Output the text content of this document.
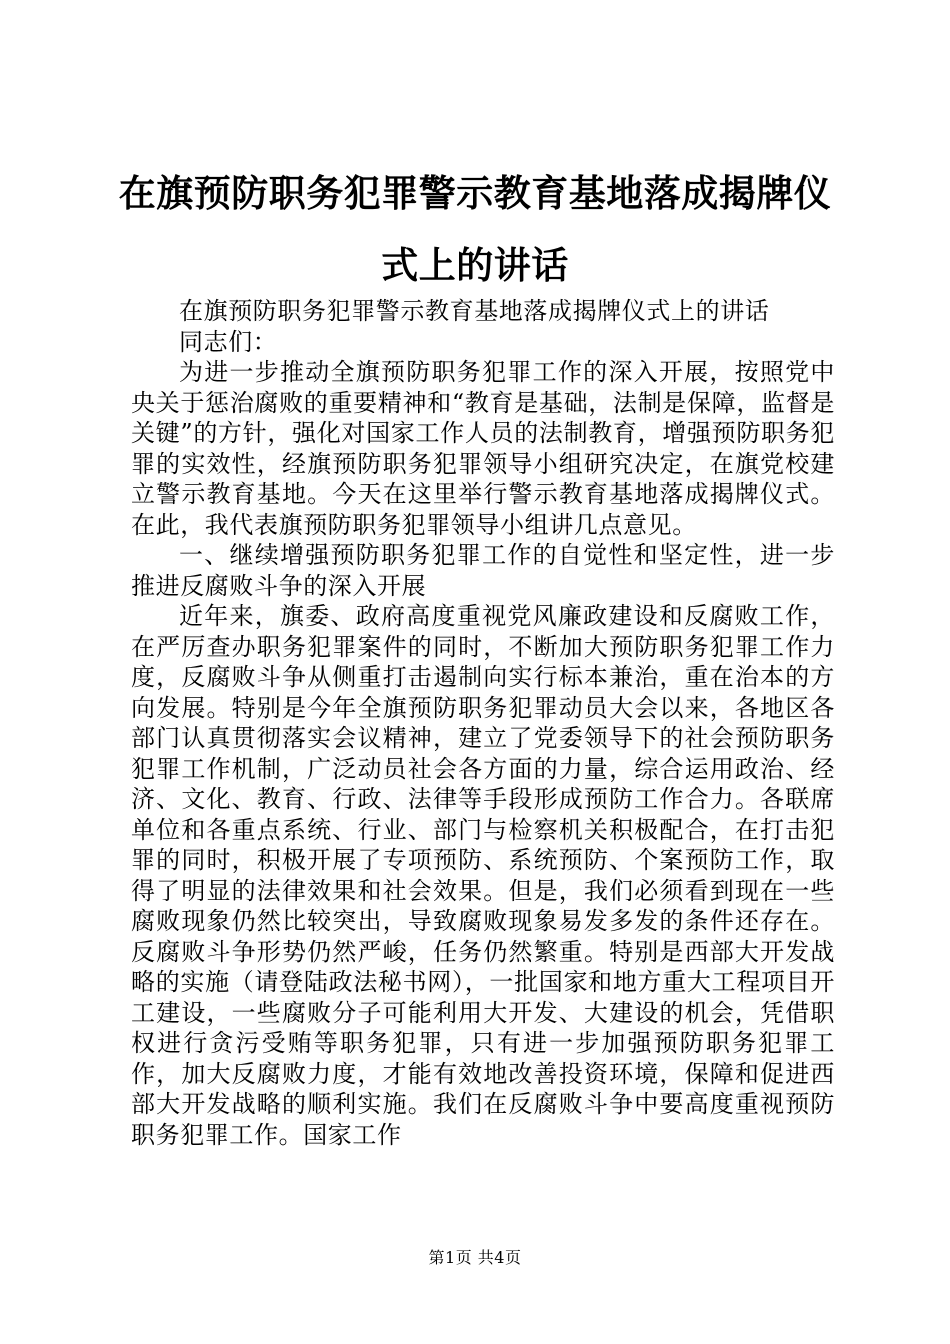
在旗预防职务犯罪警示教育基地落成揭牌仪式上的讲话

在旗预防职务犯罪警示教育基地落成揭牌仪式上的讲话

同志们：

为进一步推动全旗预防职务犯罪工作的深入开展，按照党中央关于惩治腐败的重要精神和“教育是基础，法制是保障，监督是关键”的方针，强化对国家工作人员的法制教育，增强预防职务犯罪的实效性，经旗预防职务犯罪领导小组研究决定，在旗党校建立警示教育基地。今天在这里举行警示教育基地落成揭牌仪式。在此，我代表旗预防职务犯罪领导小组讲几点意见。

一、继续增强预防职务犯罪工作的自觉性和坚定性，进一步推进反腐败斗争的深入开展

近年来，旗委、政府高度重视党风廉政建设和反腐败工作，在严厉查办职务犯罪案件的同时，不断加大预防职务犯罪工作力度，反腐败斗争从侧重打击遏制向实行标本兼治，重在治本的方向发展。特别是今年全旗预防职务犯罪动员大会以来，各地区各部门认真贯彻落实会议精神，建立了党委领导下的社会预防职务犯罪工作机制，广泛动员社会各方面的力量，综合运用政治、经济、文化、教育、行政、法律等手段形成预防工作合力。各联席单位和各重点系统、行业、部门与检察机关积极配合，在打击犯罪的同时，积极开展了专项预防、系统预防、个案预防工作，取得了明显的法律效果和社会效果。但是，我们必须看到现在一些腐败现象仍然比较突出，导致腐败现象易发多发的条件还存在。反腐败斗争形势仍然严峻，任务仍然繁重。特别是西部大开发战略的实施（请登陆政法秘书网），一批国家和地方重大工程项目开工建设，一些腐败分子可能利用大开发、大建设的机会，凭借职权进行贪污受贿等职务犯罪，只有进一步加强预防职务犯罪工作，加大反腐败力度，才能有效地改善投资环境，保障和促进西部大开发战略的顺利实施。我们在反腐败斗争中要高度重视预防职务犯罪工作。国家工作

第1页 共4页
